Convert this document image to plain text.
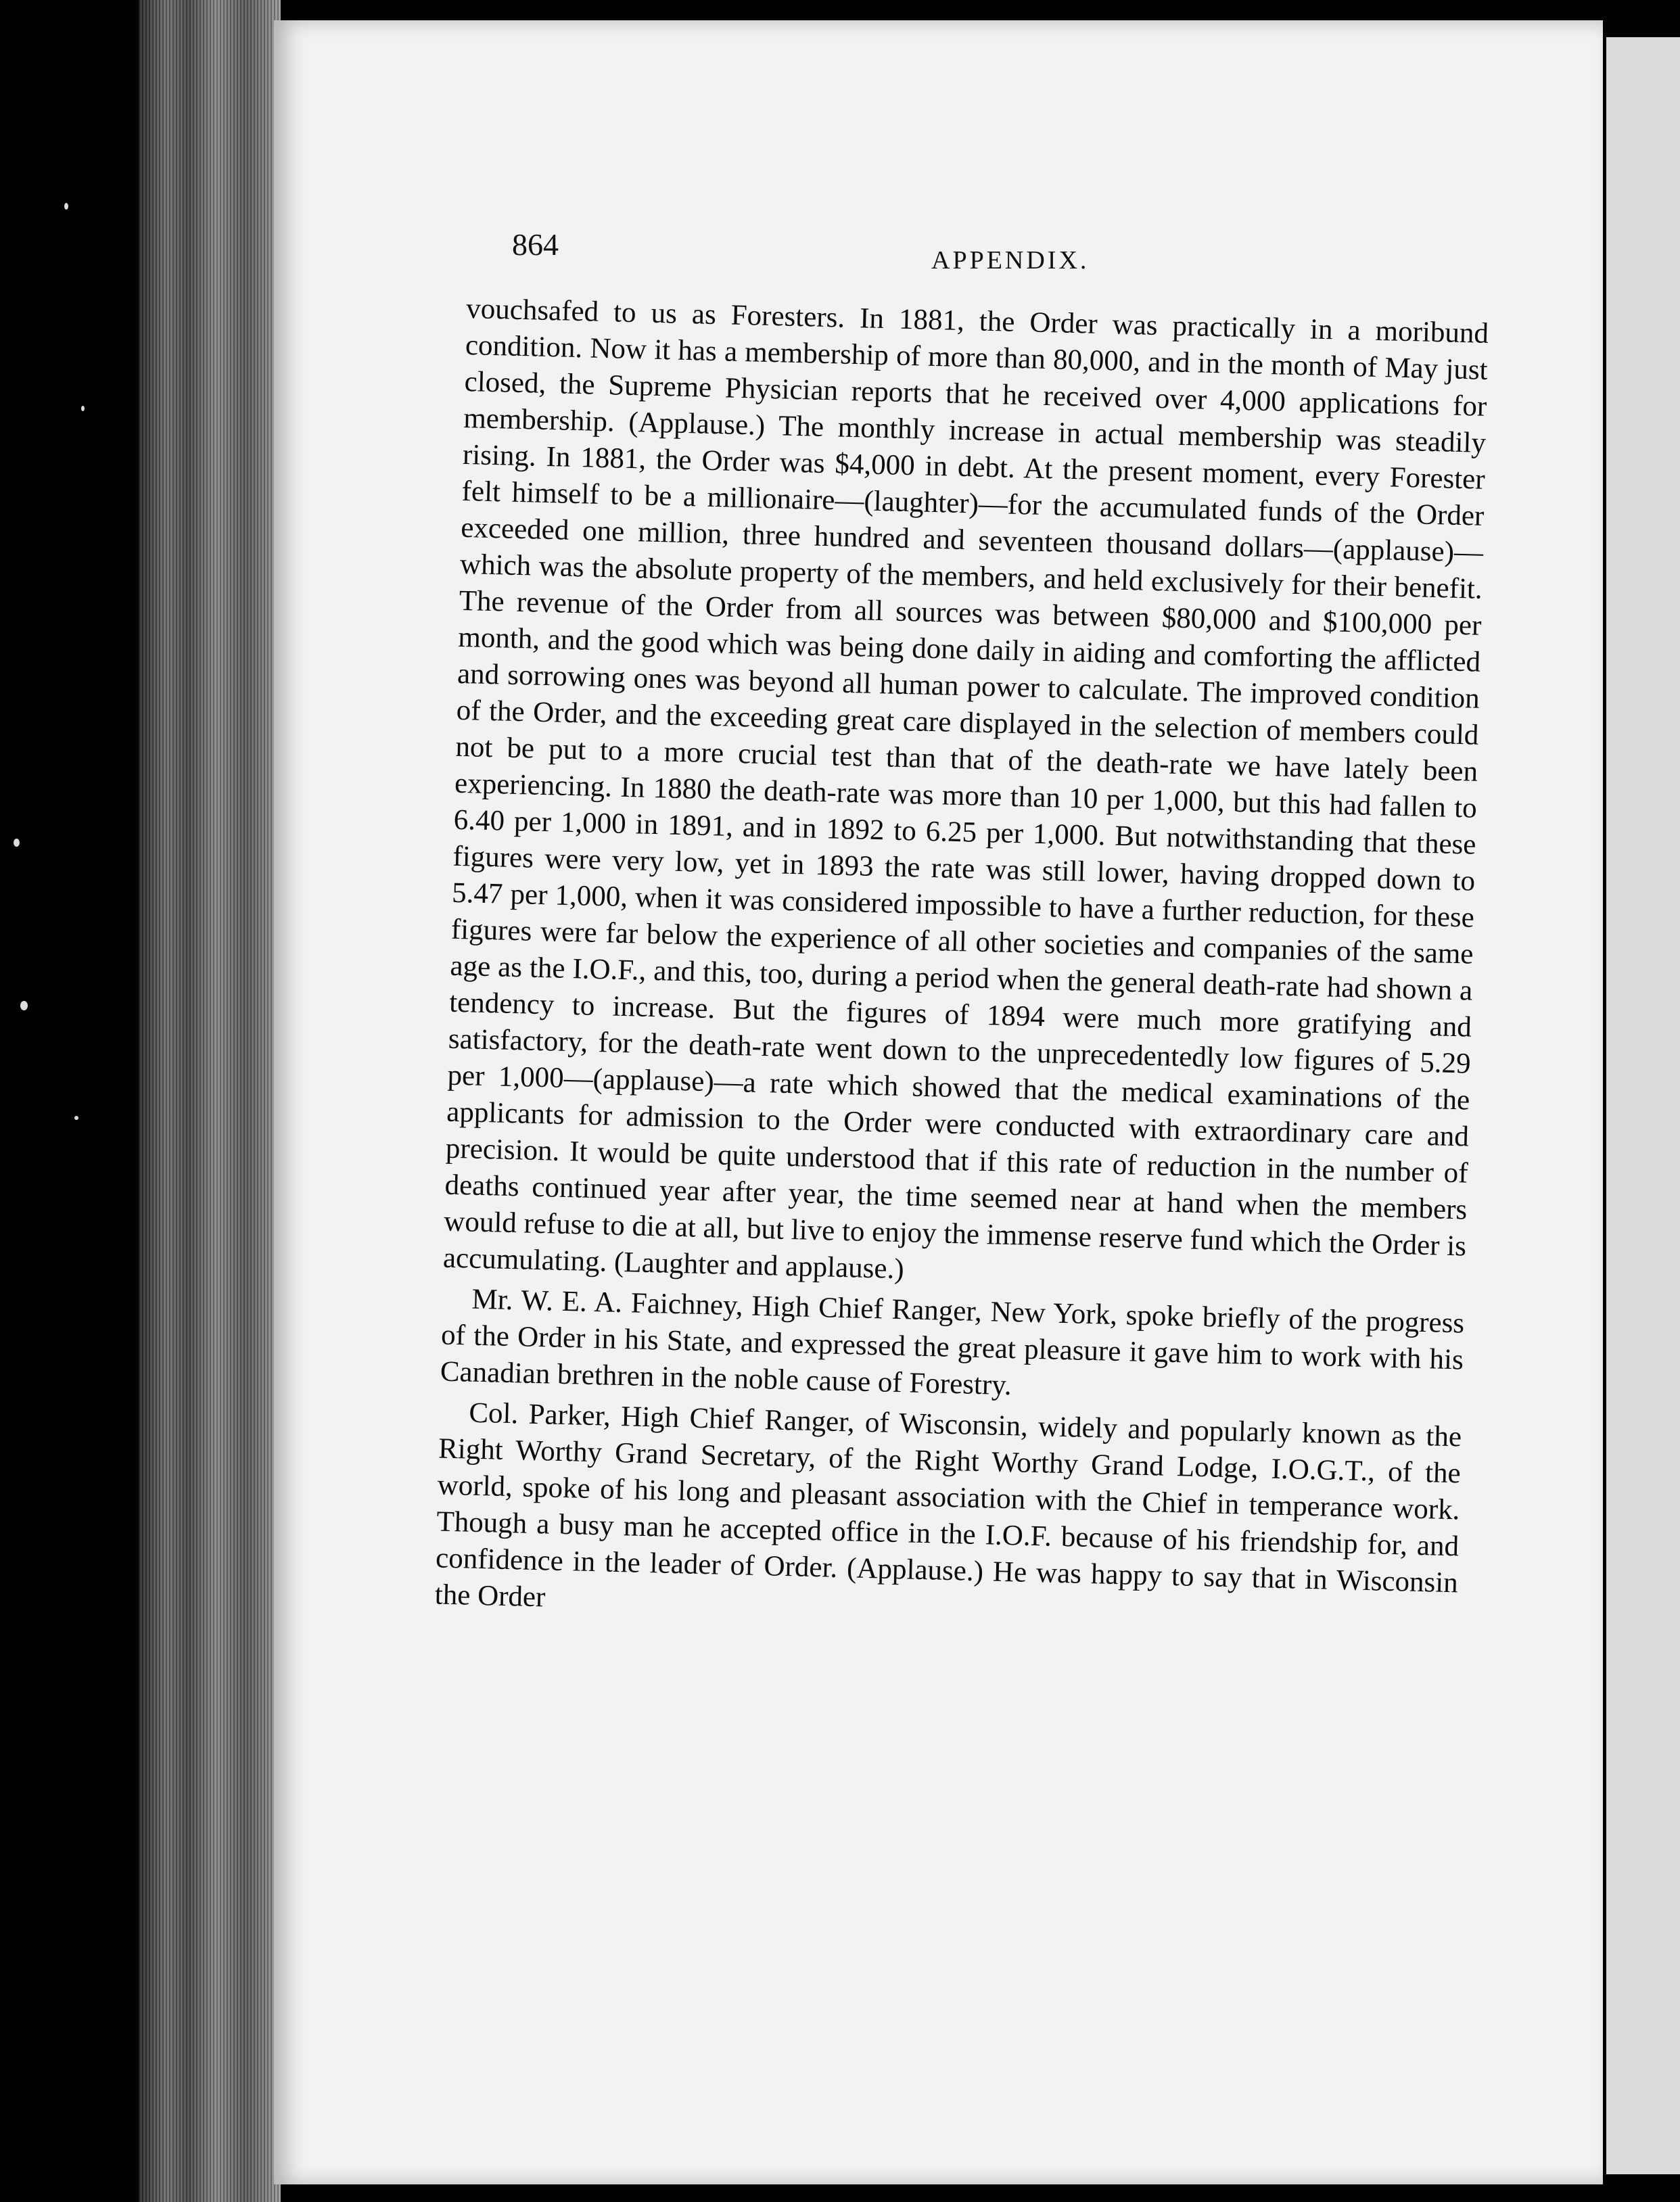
864	APPENDIX.

vouchsafed to us as Foresters. In 1881, the Order was practically in a moribund condition. Now it has a membership of more than 80,000, and in the month of May just closed, the Supreme Physician reports that he received over 4,000 applications for membership. (Applause.) The monthly increase in actual membership was steadily rising. In 1881, the Order was $4,000 in debt. At the present moment, every Forester felt himself to be a millionaire—(laughter)—for the accumulated funds of the Order exceeded one million, three hundred and seventeen thousand dollars—(applause)—which was the absolute property of the members, and held exclusively for their benefit. The revenue of the Order from all sources was between $80,000 and $100,000 per month, and the good which was being done daily in aiding and comforting the afflicted and sorrowing ones was beyond all human power to calculate. The improved condition of the Order, and the exceeding great care displayed in the selection of members could not be put to a more crucial test than that of the death-rate we have lately been experiencing. In 1880 the death-rate was more than 10 per 1,000, but this had fallen to 6.40 per 1,000 in 1891, and in 1892 to 6.25 per 1,000. But notwithstanding that these figures were very low, yet in 1893 the rate was still lower, having dropped down to 5.47 per 1,000, when it was considered impossible to have a further reduction, for these figures were far below the experience of all other societies and companies of the same age as the I.O.F., and this, too, during a period when the general death-rate had shown a tendency to increase. But the figures of 1894 were much more gratifying and satisfactory, for the death-rate went down to the unprecedentedly low figures of 5.29 per 1,000—(applause)—a rate which showed that the medical examinations of the applicants for admission to the Order were conducted with extraordinary care and precision. It would be quite understood that if this rate of reduction in the number of deaths continued year after year, the time seemed near at hand when the members would refuse to die at all, but live to enjoy the immense reserve fund which the Order is accumulating. (Laughter and applause.)

Mr. W. E. A. Faichney, High Chief Ranger, New York, spoke briefly of the progress of the Order in his State, and expressed the great pleasure it gave him to work with his Canadian brethren in the noble cause of Forestry.

Col. Parker, High Chief Ranger, of Wisconsin, widely and popularly known as the Right Worthy Grand Secretary, of the Right Worthy Grand Lodge, I.O.G.T., of the world, spoke of his long and pleasant association with the Chief in temperance work. Though a busy man he accepted office in the I.O.F. because of his friendship for, and confidence in the leader of Order. (Applause.) He was happy to say that in Wisconsin the Order
